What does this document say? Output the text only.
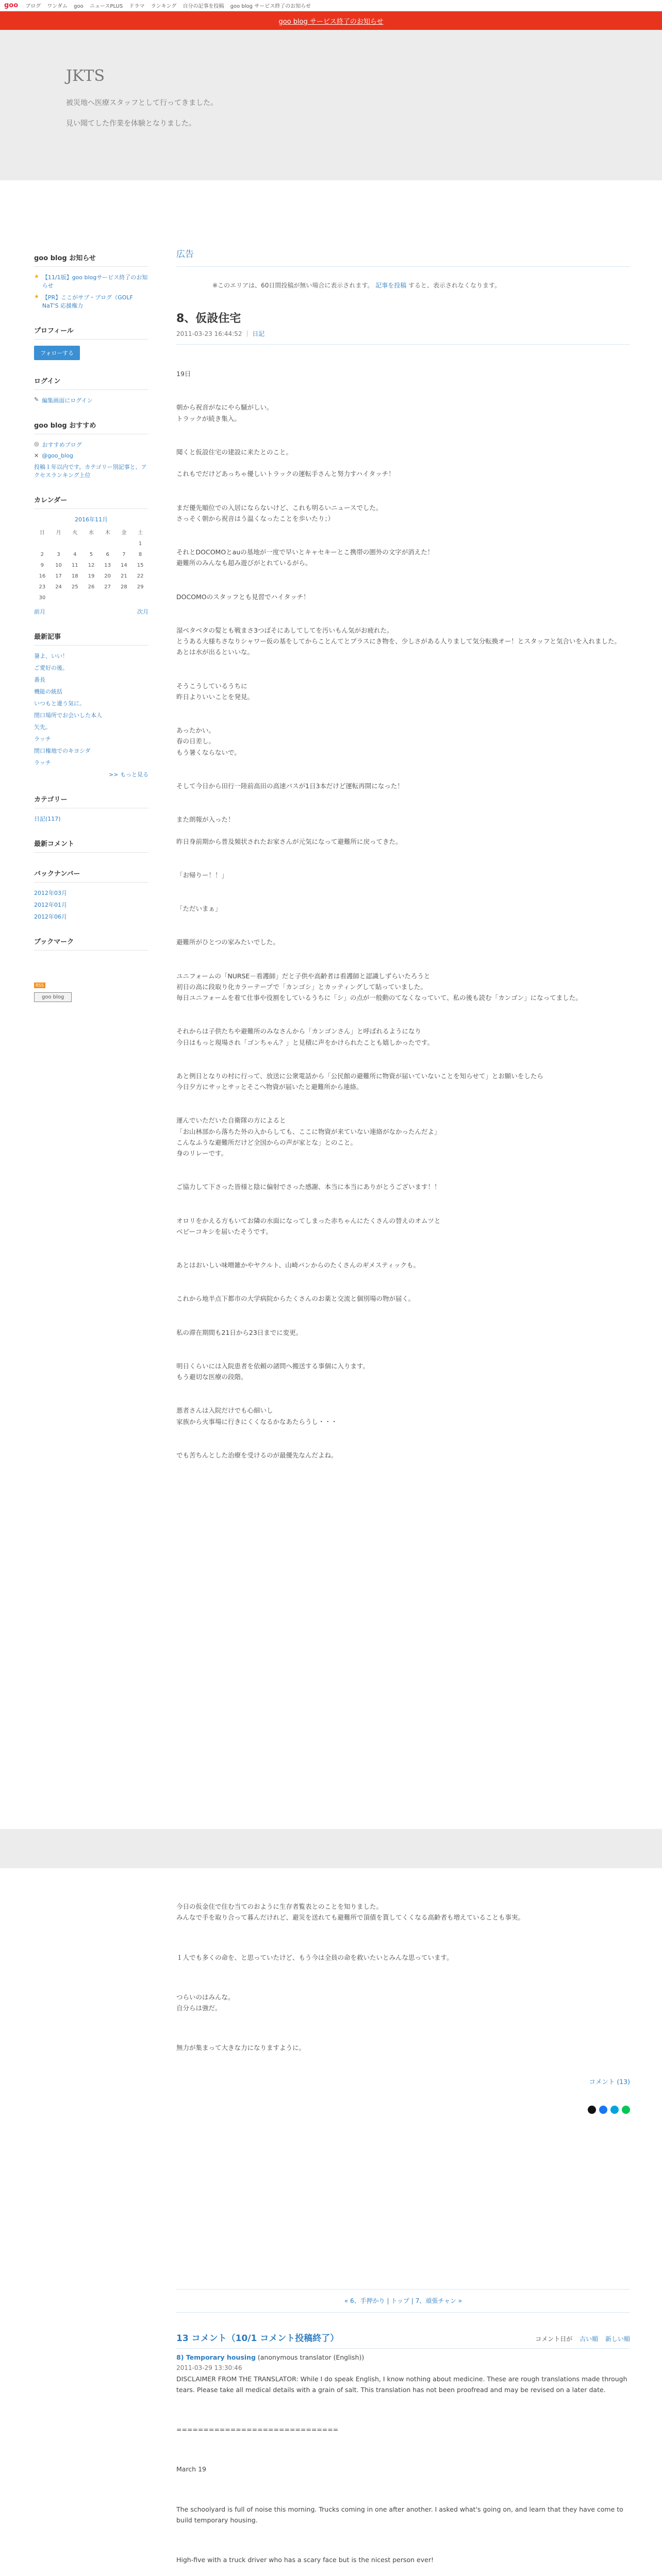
goo ブログ ワンダム goo ニュースPLUS ドラマ ランキング 自分の記事を投稿 goo blog サービス終了のお知らせ
goo blog サービス終了のお知らせ
JKTS

被災地へ医療スタッフとして行ってきました。

見い聞てした作業を体験となりました。

goo blog お知らせ
★ 【11/1版】goo blogサービス終了のお知らせ
★ 【PR】ここがサブ・ブログ（GOLF NaT'S 応援権力
プロフィール
フォローする
ログイン
✎ 編集画面にログイン
goo blog おすすめ
◎ おすすめブログ
✕ @goo_blog
投稿１年以内です。カテゴリー別記事と、アクセスランキング上位
カレンダー
2016年11月
日	月	火	水	木	金	土
						1
2	3	4	5	6	7	8
9	10	11	12	13	14	15
16	17	18	19	20	21	22
23	24	25	26	27	28	29
30						
前月	次月
最新記事
暑よ、いい！
ご愛好の後。
番長
機能の統括
いつもと違う気に。
閉口場所でお会いした本人
矢先。
ラッチ
閉口権地でのキヨシダ
ラッチ
>> もっと見る
カテゴリー
日記(117)
最新コメント
バックナンバー
2012年03月
2012年01月
2012年06月
ブックマーク
RSS
goo blog
広告
※このエリアは、60日間投稿が無い場合に表示されます。 記事を投稿 すると、表示されなくなります。
8、仮設住宅
2011-03-23 16:44:52 ｜ 日記

19日

朝から祝音がなにやら騒がしい。
トラックが続き集入。

聞くと仮設住宅の建設に来たとのこと。

これもでだけどあっちゃ優しいトラックの運転手さんと努力すハイタッチ！

まだ優先順位での入居にならないけど、これも明るいニュースでした。
さっそく朝から祝音はう温くなったことを歩いたり；）

それとDOCOMOとauの基地が一度で早いとキャセキーとこ携帯の圏外の文字が消えた！
避難所のみんなも超み遊びがとれているがら。

DOCOMOのスタッフとも見習でハイタッチ！

湿ベタベタの髪とも戦まさ3つばそにあしてしてを汚いもん気がお疲れた。
とうある大様ちさなりシャワー仮の基をしてからことんてとプラスにき物を、少しさがある人りまして気分転換オー！とスタッフと気合いを入れました。
あとは水が出るといいな。

そうこうしているうちに
昨日よりいいことを発見。

あったかい。
春の日差し。
もう暑くならないで。

そして今日から田行一陸前高田の高速バスが1日3本だけど運転再開になった！

また朗報が入った！

昨日身前期から普及頻状されたお家さんが元気になって避難所に戻ってきた。

「お帰りー！！」

「ただいまぁ」

避難所がひとつの家みたいでした。

ユニフォームの「NURSE－看護師」だと子供や高齢者は看護師と認識しずらいたろうと
初日の高に段取り化カラーテープで「カンゴシ」とカッティングして貼っていました。
毎日ユニフォームを着て仕事や役割をしているうちに「シ」の点が一般動のてなくなっていて、私の後も読む「カンゴン」になってました。

それからは子供たちや避難所のみなさんから「カンゴンさん」と呼ばれるようになり
今日はもっと現場され「ゴンちゃん？」と見積に声をかけられたことも嬉しかったです。

あと例日となりの村に行って、放送に公衆電話から「公民館の避難所に物資が届いていないことを知らせて」とお願いをしたら
今日夕方にサッとサッとそこへ物資が届いたと避難所から連絡。

運んでいただいた自衛隊の方によると
「お山林部から落ちた外の入からしても、ここに物資が来ていない連絡がなかったんだよ」
こんなふうな避難所だけど全国からの声が家とな」とのこと。
身のリレーです。

ご協力して下さった皆様と陰に偏射でさった感謝、本当に本当にありがとうございます！！

オロリをかえる方もいてお隣の水面になってしまった赤ちゃんにたくさんの替えのオムツと
ベビーコキシを届いたそうです。

あとはおいしい味噌雑かやヤクルト、山崎パンからのたくさんのギメスティックも。

これから地半点下都市の大学病院からたくさんのお薬と交流と個別場の物が届く。

私の滞在期間も21日から23日までに変更。

明日くらいには入院患者を依頼の諸問へ搬送する事個に入ります。
もう避切な医療の段階。

悪者さんは入院だけでも心細いし
家族から火事場に行きにくくなるかなあたらうし・・・

でも苦ちんとした治療を受けるのが最優先なんだよね。

今日の仮金住で住む当てのおように生存者覧表とのことを知りました。
みんなで手を取り合って暮んだけれど、避災を送れても避難所で頂債を貰してくくなる高齢者も増えていることも事実。

１人でも多くの命を、と思っていたけど、もう今は全員の命を救いたいとみんな思っています。

つらいのはみんな。
自分らは強だ。

無力が集まって大きな力になりますように。

コメント (13)
« 6、手押かり | トップ | 7、頑張チャン »
13 コメント（10/1 コメント投稿終了）	コメント日が 古い順 新しい順
8) Temporary housing (anonymous translator (English))
2011-03-29 13:30:46

DISCLAIMER FROM THE TRANSLATOR: While I do speak English, I know nothing about medicine. These are rough translations made through tears. Please take all medical details with a grain of salt. This translation has not been proofread and may be revised on a later date.

==============================

March 19

The schoolyard is full of noise this morning. Trucks coming in one after another. I asked what's going on, and learn that they have come to build temporary housing.

High-five with a truck driver who has a scary face but is the nicest person ever!
